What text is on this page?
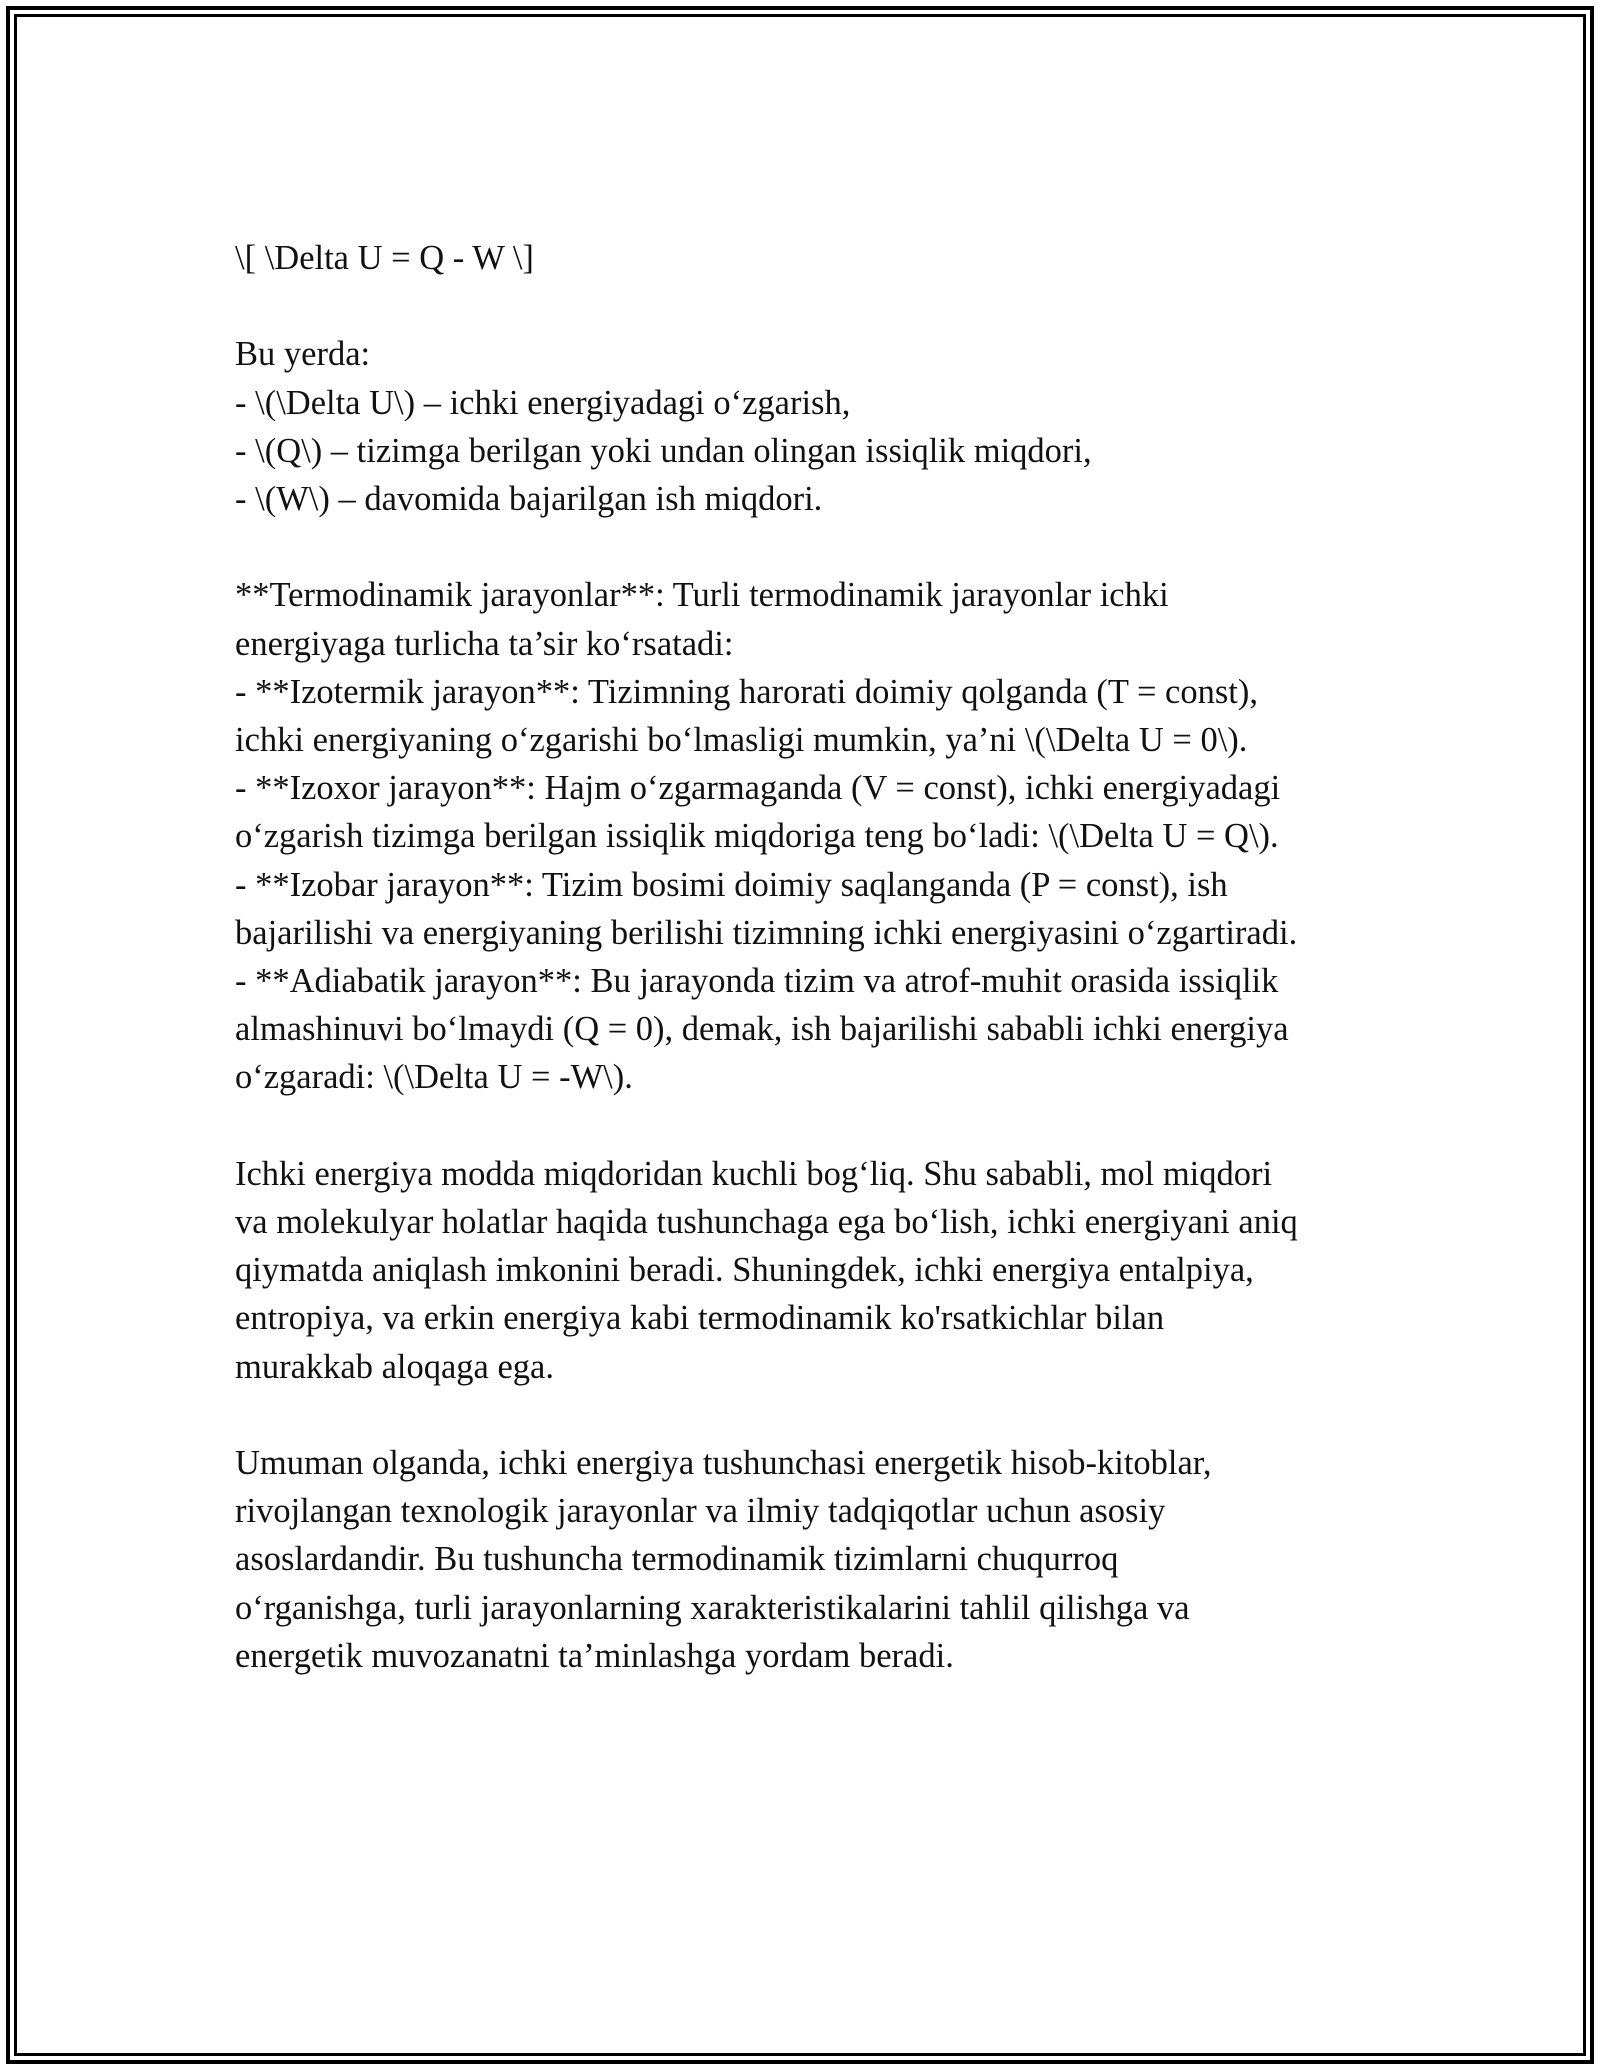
\[ \Delta U = Q - W \]
Bu yerda:
- \(\Delta U\) – ichki energiyadagi o‘zgarish,
- \(Q\) – tizimga berilgan yoki undan olingan issiqlik miqdori,
- \(W\) – davomida bajarilgan ish miqdori.
**Termodinamik jarayonlar**: Turli termodinamik jarayonlar ichki
energiyaga turlicha ta’sir ko‘rsatadi:
- **Izotermik jarayon**: Tizimning harorati doimiy qolganda (T = const),
ichki energiyaning o‘zgarishi bo‘lmasligi mumkin, ya’ni \(\Delta U = 0\).
- **Izoxor jarayon**: Hajm o‘zgarmaganda (V = const), ichki energiyadagi
o‘zgarish tizimga berilgan issiqlik miqdoriga teng bo‘ladi: \(\Delta U = Q\).
- **Izobar jarayon**: Tizim bosimi doimiy saqlanganda (P = const), ish
bajarilishi va energiyaning berilishi tizimning ichki energiyasini o‘zgartiradi.
- **Adiabatik jarayon**: Bu jarayonda tizim va atrof-muhit orasida issiqlik
almashinuvi bo‘lmaydi (Q = 0), demak, ish bajarilishi sababli ichki energiya
o‘zgaradi: \(\Delta U = -W\).
Ichki energiya modda miqdoridan kuchli bog‘liq. Shu sababli, mol miqdori
va molekulyar holatlar haqida tushunchaga ega bo‘lish, ichki energiyani aniq
qiymatda aniqlash imkonini beradi. Shuningdek, ichki energiya entalpiya,
entropiya, va erkin energiya kabi termodinamik ko'rsatkichlar bilan
murakkab aloqaga ega.
Umuman olganda, ichki energiya tushunchasi energetik hisob-kitoblar,
rivojlangan texnologik jarayonlar va ilmiy tadqiqotlar uchun asosiy
asoslardandir. Bu tushuncha termodinamik tizimlarni chuqurroq
o‘rganishga, turli jarayonlarning xarakteristikalarini tahlil qilishga va
energetik muvozanatni ta’minlashga yordam beradi.
